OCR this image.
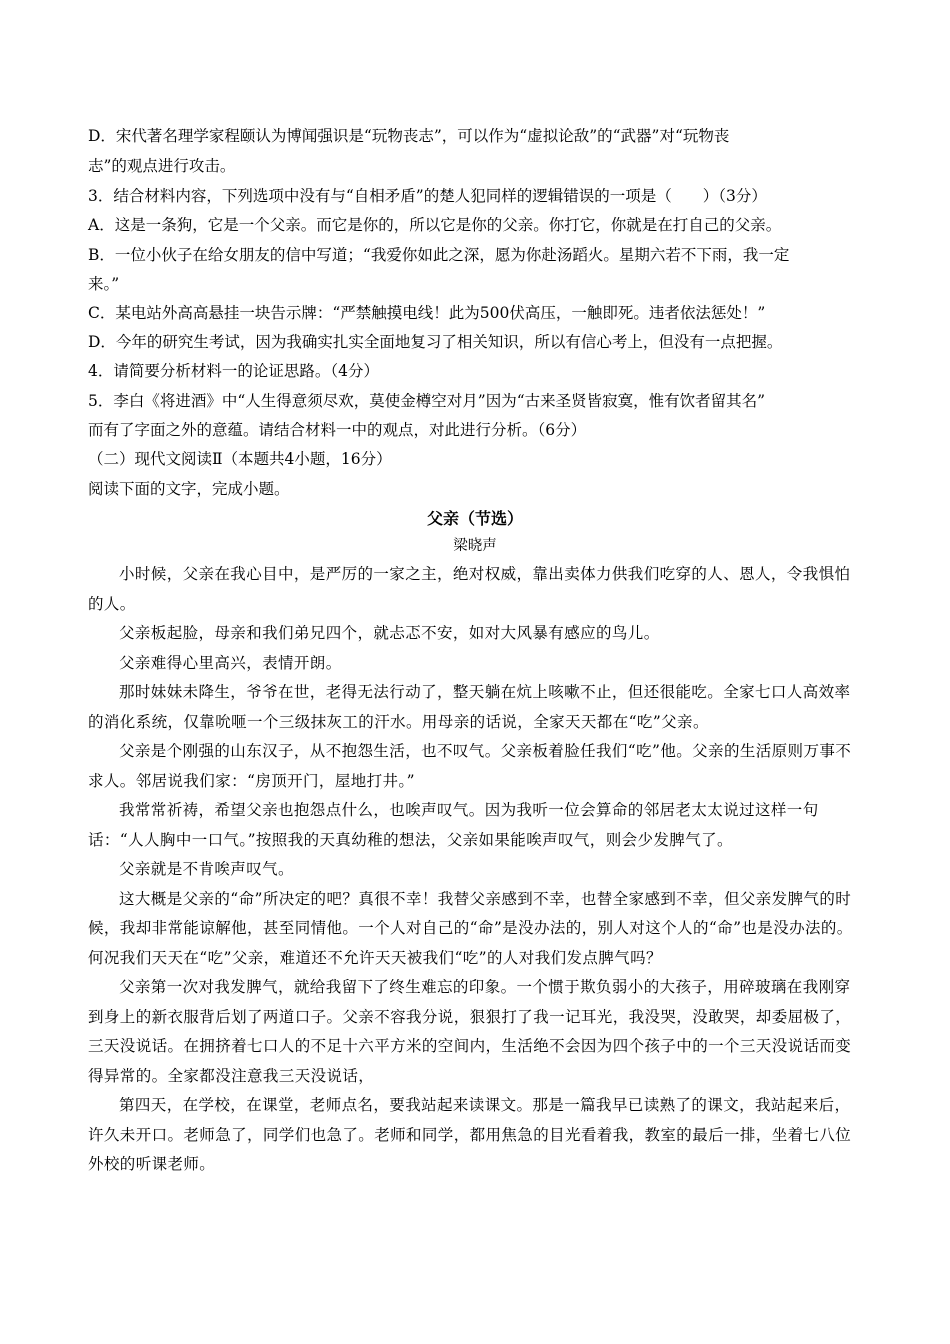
D．宋代著名理学家程颐认为博闻强识是“玩物丧志”，可以作为“虚拟论敌”的“武器”对“玩物丧
志”的观点进行攻击。
3．结合材料内容，下列选项中没有与“自相矛盾”的楚人犯同样的逻辑错误的一项是（　　）（3分）
A．这是一条狗，它是一个父亲。而它是你的，所以它是你的父亲。你打它，你就是在打自己的父亲。
B．一位小伙子在给女朋友的信中写道；“我爱你如此之深，愿为你赴汤蹈火。星期六若不下雨，我一定
来。”
C．某电站外高高悬挂一块告示牌：“严禁触摸电线！此为500伏高压，一触即死。违者依法惩处！”
D．今年的研究生考试，因为我确实扎实全面地复习了相关知识，所以有信心考上，但没有一点把握。
4．请简要分析材料一的论证思路。（4分）
5．李白《将进酒》中“人生得意须尽欢，莫使金樽空对月”因为“古来圣贤皆寂寞，惟有饮者留其名”
而有了字面之外的意蕴。请结合材料一中的观点，对此进行分析。（6分）
（二）现代文阅读Ⅱ（本题共4小题，16分）
阅读下面的文字，完成小题。
父亲（节选）
梁晓声
小时候，父亲在我心目中，是严厉的一家之主，绝对权威，靠出卖体力供我们吃穿的人、恩人，令我惧怕的人。
父亲板起脸，母亲和我们弟兄四个，就忐忑不安，如对大风暴有感应的鸟儿。
父亲难得心里高兴，表情开朗。
那时妹妹未降生，爷爷在世，老得无法行动了，整天躺在炕上咳嗽不止，但还很能吃。全家七口人高效率的消化系统，仅靠吮咂一个三级抹灰工的汗水。用母亲的话说，全家天天都在“吃”父亲。
父亲是个刚强的山东汉子，从不抱怨生活，也不叹气。父亲板着脸任我们“吃”他。父亲的生活原则万事不求人。邻居说我们家：“房顶开门，屋地打井。”
我常常祈祷，希望父亲也抱怨点什么，也唉声叹气。因为我听一位会算命的邻居老太太说过这样一句话：“人人胸中一口气。”按照我的天真幼稚的想法，父亲如果能唉声叹气，则会少发脾气了。
父亲就是不肯唉声叹气。
这大概是父亲的“命”所决定的吧？真很不幸！我替父亲感到不幸，也替全家感到不幸，但父亲发脾气的时候，我却非常能谅解他，甚至同情他。一个人对自己的“命”是没办法的，别人对这个人的“命”也是没办法的。何况我们天天在“吃”父亲，难道还不允许天天被我们“吃”的人对我们发点脾气吗？
父亲第一次对我发脾气，就给我留下了终生难忘的印象。一个惯于欺负弱小的大孩子，用碎玻璃在我刚穿到身上的新衣服背后划了两道口子。父亲不容我分说，狠狠打了我一记耳光，我没哭，没敢哭，却委屈极了，三天没说话。在拥挤着七口人的不足十六平方米的空间内，生活绝不会因为四个孩子中的一个三天没说话而变得异常的。全家都没注意我三天没说话，
第四天，在学校，在课堂，老师点名，要我站起来读课文。那是一篇我早已读熟了的课文，我站起来后，许久未开口。老师急了，同学们也急了。老师和同学，都用焦急的目光看着我，教室的最后一排，坐着七八位外校的听课老师。
